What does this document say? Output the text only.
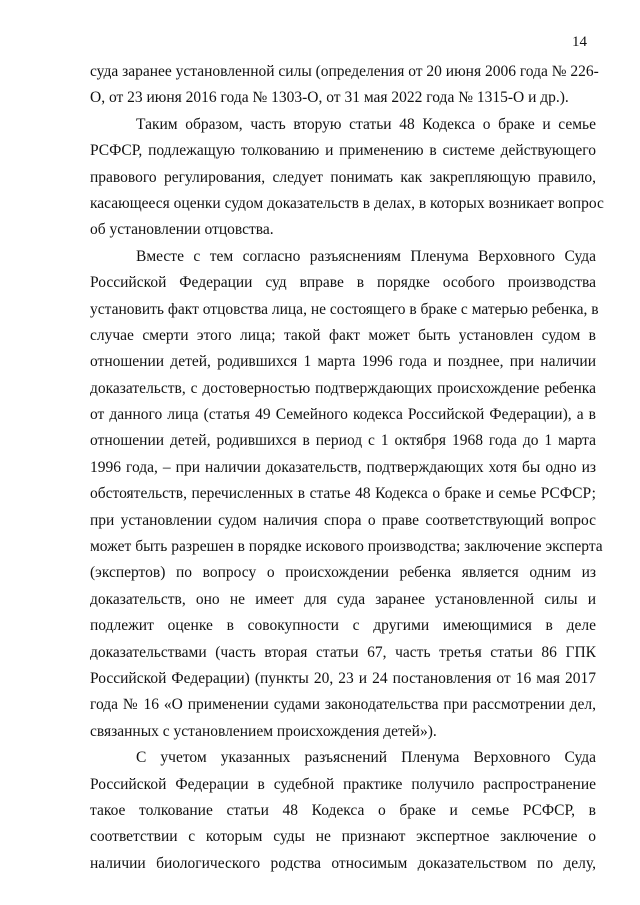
14
суда заранее установленной силы (определения от 20 июня 2006 года № 226-
О, от 23 июня 2016 года № 1303-О, от 31 мая 2022 года № 1315-О и др.).
Таким образом, часть вторую статьи 48 Кодекса о браке и семье
РСФСР, подлежащую толкованию и применению в системе действующего
правового регулирования, следует понимать как закрепляющую правило,
касающееся оценки судом доказательств в делах, в которых возникает вопрос
об установлении отцовства.
Вместе с тем согласно разъяснениям Пленума Верховного Суда
Российской Федерации суд вправе в порядке особого производства
установить факт отцовства лица, не состоящего в браке с матерью ребенка, в
случае смерти этого лица; такой факт может быть установлен судом в
отношении детей, родившихся 1 марта 1996 года и позднее, при наличии
доказательств, с достоверностью подтверждающих происхождение ребенка
от данного лица (статья 49 Семейного кодекса Российской Федерации), а в
отношении детей, родившихся в период с 1 октября 1968 года до 1 марта
1996 года, – при наличии доказательств, подтверждающих хотя бы одно из
обстоятельств, перечисленных в статье 48 Кодекса о браке и семье РСФСР;
при установлении судом наличия спора о праве соответствующий вопрос
может быть разрешен в порядке искового производства; заключение эксперта
(экспертов) по вопросу о происхождении ребенка является одним из
доказательств, оно не имеет для суда заранее установленной силы и
подлежит оценке в совокупности с другими имеющимися в деле
доказательствами (часть вторая статьи 67, часть третья статьи 86 ГПК
Российской Федерации) (пункты 20, 23 и 24 постановления от 16 мая 2017
года № 16 «О применении судами законодательства при рассмотрении дел,
связанных с установлением происхождения детей»).
С учетом указанных разъяснений Пленума Верховного Суда
Российской Федерации в судебной практике получило распространение
такое толкование статьи 48 Кодекса о браке и семье РСФСР, в
соответствии с которым суды не признают экспертное заключение о
наличии биологического родства относимым доказательством по делу,
